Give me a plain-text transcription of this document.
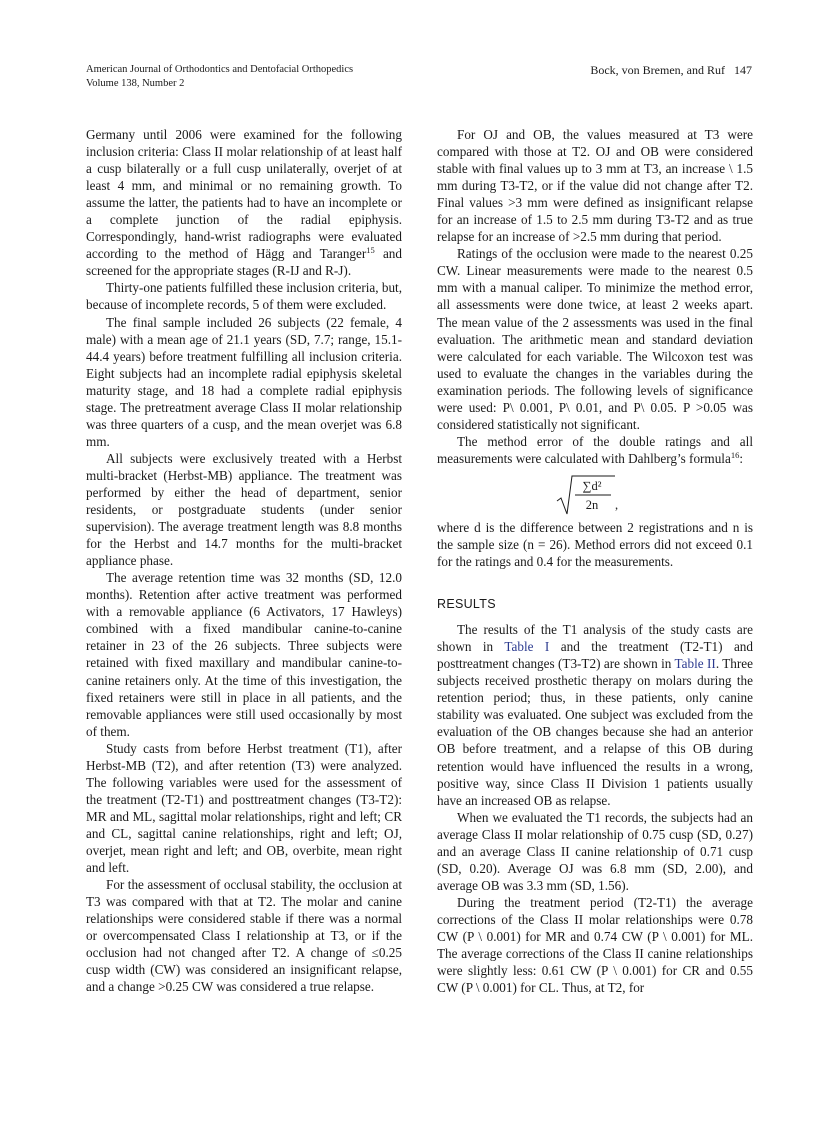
American Journal of Orthodontics and Dentofacial Orthopedics
Volume 138, Number 2
Bock, von Bremen, and Ruf 147

Germany until 2006 were examined for the following inclusion criteria: Class II molar relationship of at least half a cusp bilaterally or a full cusp unilaterally, overjet of at least 4 mm, and minimal or no remaining growth. To assume the latter, the patients had to have an incomplete or a complete junction of the radial epiphysis. Correspondingly, hand-wrist radiographs were evaluated according to the method of Hägg and Taranger$^{15}$ and screened for the appropriate stages (R-IJ and R-J).

Thirty-one patients fulfilled these inclusion criteria, but, because of incomplete records, 5 of them were excluded.

The final sample included 26 subjects (22 female, 4 male) with a mean age of 21.1 years (SD, 7.7; range, 15.1-44.4 years) before treatment fulfilling all inclusion criteria. Eight subjects had an incomplete radial epiphysis skeletal maturity stage, and 18 had a complete radial epiphysis stage. The pretreatment average Class II molar relationship was three quarters of a cusp, and the mean overjet was 6.8 mm.

All subjects were exclusively treated with a Herbst multi-bracket (Herbst-MB) appliance. The treatment was performed by either the head of department, senior residents, or postgraduate students (under senior supervision). The average treatment length was 8.8 months for the Herbst and 14.7 months for the multi-bracket appliance phase.

The average retention time was 32 months (SD, 12.0 months). Retention after active treatment was performed with a removable appliance (6 Activators, 17 Hawleys) combined with a fixed mandibular canine-to-canine retainer in 23 of the 26 subjects. Three subjects were retained with fixed maxillary and mandibular canine-to-canine retainers only. At the time of this investigation, the fixed retainers were still in place in all patients, and the removable appliances were still used occasionally by most of them.

Study casts from before Herbst treatment (T1), after Herbst-MB (T2), and after retention (T3) were analyzed. The following variables were used for the assessment of the treatment (T2-T1) and posttreatment changes (T3-T2): MR and ML, sagittal molar relationships, right and left; CR and CL, sagittal canine relationships, right and left; OJ, overjet, mean right and left; and OB, overbite, mean right and left.

For the assessment of occlusal stability, the occlusion at T3 was compared with that at T2. The molar and canine relationships were considered stable if there was a normal or overcompensated Class I relationship at T3, or if the occlusion had not changed after T2. A change of ≤0.25 cusp width (CW) was considered an insignificant relapse, and a change >0.25 CW was considered a true relapse.

For OJ and OB, the values measured at T3 were compared with those at T2. OJ and OB were considered stable with final values up to 3 mm at T3, an increase \ 1.5 mm during T3-T2, or if the value did not change after T2. Final values >3 mm were defined as insignificant relapse for an increase of 1.5 to 2.5 mm during T3-T2 and as true relapse for an increase of >2.5 mm during that period.

Ratings of the occlusion were made to the nearest 0.25 CW. Linear measurements were made to the nearest 0.5 mm with a manual caliper. To minimize the method error, all assessments were done twice, at least 2 weeks apart. The mean value of the 2 assessments was used in the final evaluation. The arithmetic mean and standard deviation were calculated for each variable. The Wilcoxon test was used to evaluate the changes in the variables during the examination periods. The following levels of significance were used: P\ 0.001, P\ 0.01, and P\ 0.05. P >0.05 was considered statistically not significant.

The method error of the double ratings and all measurements were calculated with Dahlberg’s formula$^{16}$:

∑d²
2n ,

where d is the difference between 2 registrations and n is the sample size (n = 26). Method errors did not exceed 0.1 for the ratings and 0.4 for the measurements.

RESULTS

The results of the T1 analysis of the study casts are shown in Table I and the treatment (T2-T1) and posttreatment changes (T3-T2) are shown in Table II. Three subjects received prosthetic therapy on molars during the retention period; thus, in these patients, only canine stability was evaluated. One subject was excluded from the evaluation of the OB changes because she had an anterior OB before treatment, and a relapse of this OB during retention would have influenced the results in a wrong, positive way, since Class II Division 1 patients usually have an increased OB as relapse.

When we evaluated the T1 records, the subjects had an average Class II molar relationship of 0.75 cusp (SD, 0.27) and an average Class II canine relationship of 0.71 cusp (SD, 0.20). Average OJ was 6.8 mm (SD, 2.00), and average OB was 3.3 mm (SD, 1.56).

During the treatment period (T2-T1) the average corrections of the Class II molar relationships were 0.78 CW (P \ 0.001) for MR and 0.74 CW (P \ 0.001) for ML. The average corrections of the Class II canine relationships were slightly less: 0.61 CW (P \ 0.001) for CR and 0.55 CW (P \ 0.001) for CL. Thus, at T2, for
